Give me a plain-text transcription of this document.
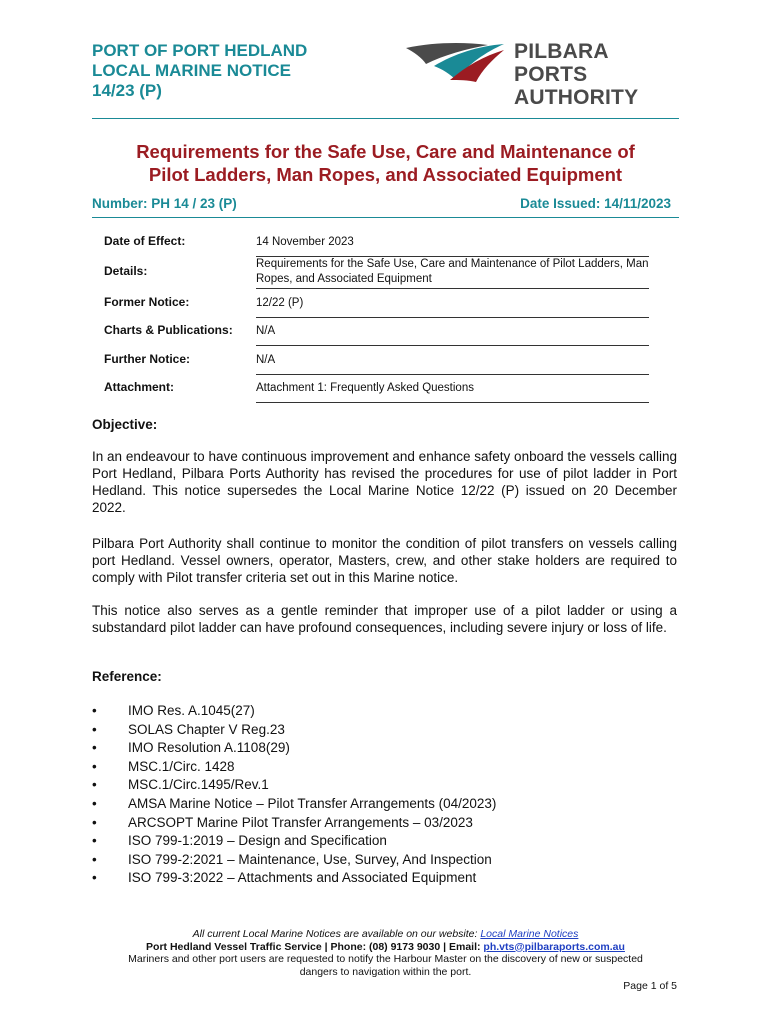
PORT OF PORT HEDLAND
LOCAL MARINE NOTICE
14/23 (P)
PILBARA PORTS
AUTHORITY
Requirements for the Safe Use, Care and Maintenance of
Pilot Ladders, Man Ropes, and Associated Equipment
Number: PH 14 / 23 (P)	Date Issued: 14/11/2023
Date of Effect:	14 November 2023
Details:	Requirements for the Safe Use, Care and Maintenance of Pilot Ladders, Man Ropes, and Associated Equipment
Former Notice:	12/22 (P)
Charts & Publications: N/A
Further Notice:	N/A
Attachment:	Attachment 1: Frequently Asked Questions
Objective:
In an endeavour to have continuous improvement and enhance safety onboard the vessels calling Port Hedland, Pilbara Ports Authority has revised the procedures for use of pilot ladder in Port Hedland. This notice supersedes the Local Marine Notice 12/22 (P) issued on 20 December 2022.
Pilbara Port Authority shall continue to monitor the condition of pilot transfers on vessels calling port Hedland. Vessel owners, operator, Masters, crew, and other stake holders are required to comply with Pilot transfer criteria set out in this Marine notice.
This notice also serves as a gentle reminder that improper use of a pilot ladder or using a substandard pilot ladder can have profound consequences, including severe injury or loss of life.
Reference:
• IMO Res. A.1045(27)
• SOLAS Chapter V Reg.23
• IMO Resolution A.1108(29)
• MSC.1/Circ. 1428
• MSC.1/Circ.1495/Rev.1
• AMSA Marine Notice – Pilot Transfer Arrangements (04/2023)
• ARCSOPT Marine Pilot Transfer Arrangements – 03/2023
• ISO 799-1:2019 – Design and Specification
• ISO 799-2:2021 – Maintenance, Use, Survey, And Inspection
• ISO 799-3:2022 – Attachments and Associated Equipment
All current Local Marine Notices are available on our website: Local Marine Notices
Port Hedland Vessel Traffic Service | Phone: (08) 9173 9030 | Email: ph.vts@pilbaraports.com.au
Mariners and other port users are requested to notify the Harbour Master on the discovery of new or suspected
dangers to navigation within the port.
Page 1 of 5
